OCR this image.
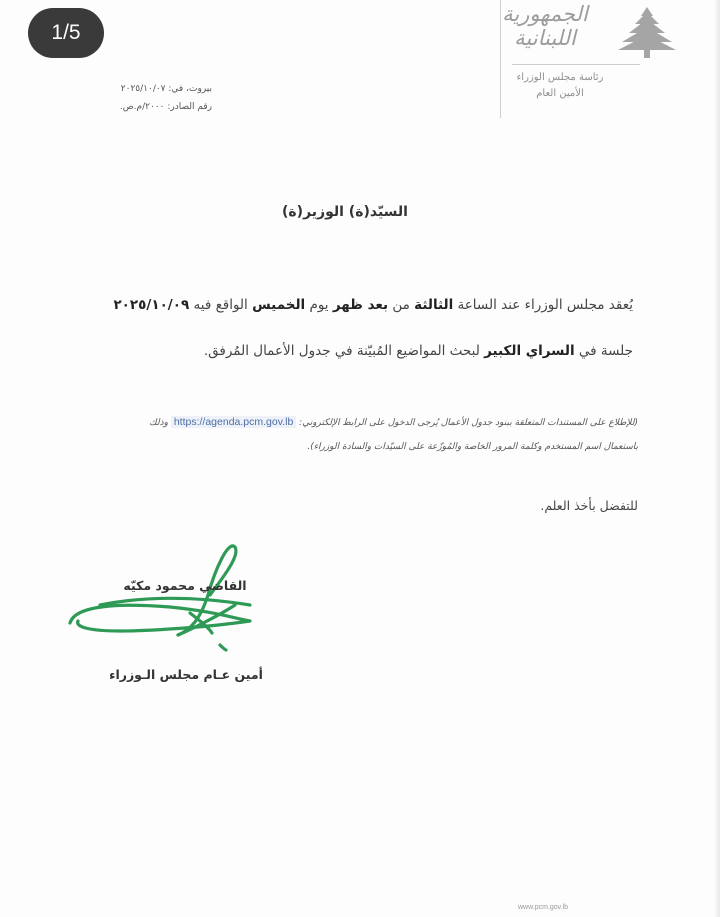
1/5
الجمهورية
اللبنانية
رئاسة مجلس الوزراء
الأمين العام
بيروت، في: ٢٠٢٥/١٠/٠٧
رقم الصادر: ٢٠٠٠/م.ص.
السيّد(ة) الوزير(ة)
يُعقد مجلس الوزراء عند الساعة الثالثة من بعد ظهر يوم الخميس الواقع فيه ٢٠٢٥/١٠/٠٩
جلسة في السراي الكبير لبحث المواضيع المُبيّنة في جدول الأعمال المُرفق.
(للإطلاع على المستندات المتعلقة ببنود جدول الأعمال يُرجى الدخول على الرابط الإلكتروني: https://agenda.pcm.gov.lb وذلك
باستعمال اسم المستخدم وكلمة المرور الخاصة والمُوزّعة على السيّدات والسادة الوزراء).
للتفضل بأخذ العلم.
القاضي محمود مكيّه
أمين عـام مجلس الـوزراء
www.pcm.gov.lb
